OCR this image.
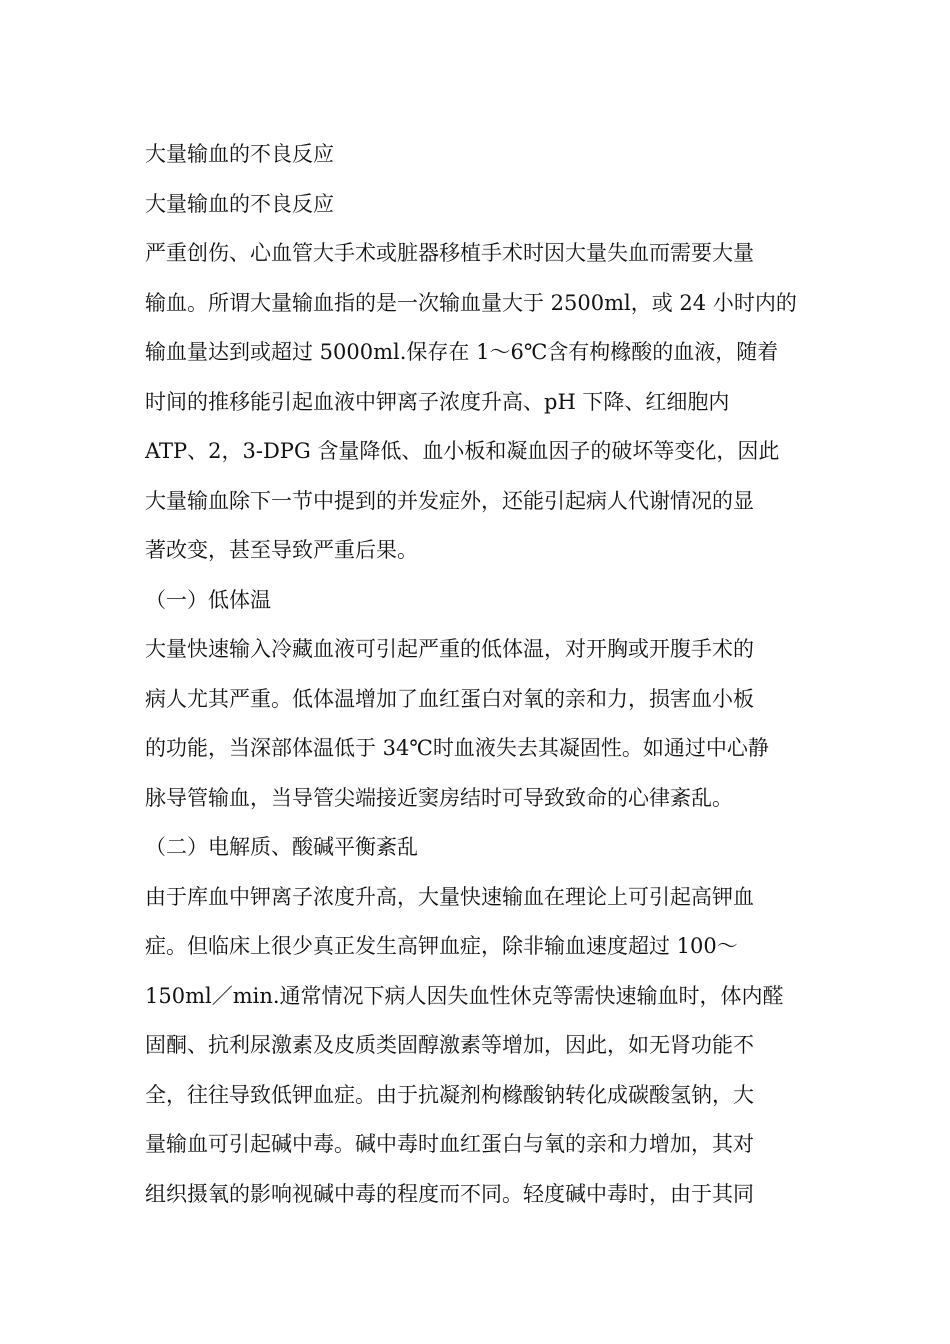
大量输血的不良反应
大量输血的不良反应
严重创伤、心血管大手术或脏器移植手术时因大量失血而需要大量
输血。所谓大量输血指的是一次输血量大于 2500ml，或 24 小时内的
输血量达到或超过 5000ml.保存在 1～6℃含有枸橼酸的血液，随着
时间的推移能引起血液中钾离子浓度升高、pH 下降、红细胞内
ATP、2，3-DPG 含量降低、血小板和凝血因子的破坏等变化，因此
大量输血除下一节中提到的并发症外，还能引起病人代谢情况的显
著改变，甚至导致严重后果。
（一）低体温
大量快速输入冷藏血液可引起严重的低体温，对开胸或开腹手术的
病人尤其严重。低体温增加了血红蛋白对氧的亲和力，损害血小板
的功能，当深部体温低于 34℃时血液失去其凝固性。如通过中心静
脉导管输血，当导管尖端接近窦房结时可导致致命的心律紊乱。
（二）电解质、酸碱平衡紊乱
由于库血中钾离子浓度升高，大量快速输血在理论上可引起高钾血
症。但临床上很少真正发生高钾血症，除非输血速度超过 100～
150ml／min.通常情况下病人因失血性休克等需快速输血时，体内醛
固酮、抗利尿激素及皮质类固醇激素等增加，因此，如无肾功能不
全，往往导致低钾血症。由于抗凝剂枸橼酸钠转化成碳酸氢钠，大
量输血可引起碱中毒。碱中毒时血红蛋白与氧的亲和力增加，其对
组织摄氧的影响视碱中毒的程度而不同。轻度碱中毒时，由于其同
